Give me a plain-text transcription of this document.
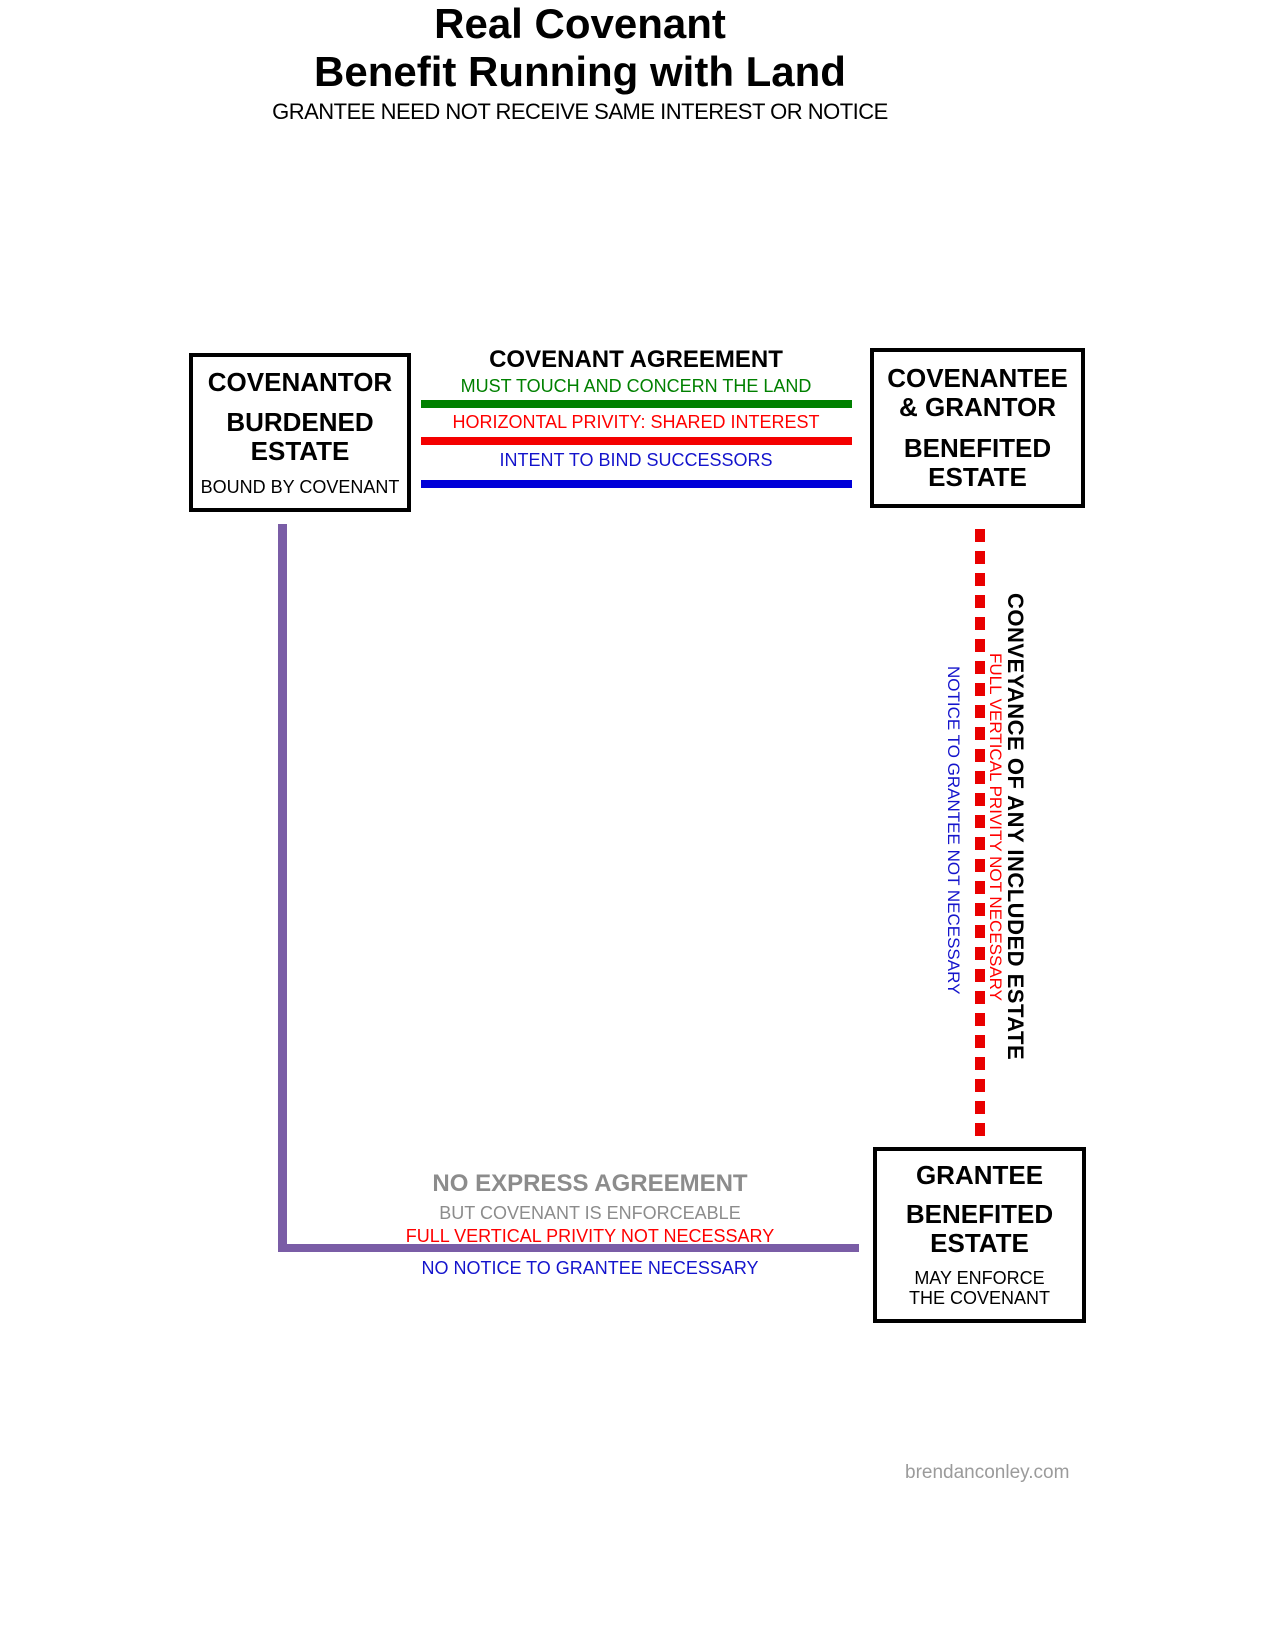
Real Covenant
Benefit Running with Land
GRANTEE NEED NOT RECEIVE SAME INTEREST OR NOTICE
COVENANTOR
BURDENED ESTATE
BOUND BY COVENANT
COVENANT AGREEMENT
MUST TOUCH AND CONCERN THE LAND
HORIZONTAL PRIVITY: SHARED INTEREST
INTENT TO BIND SUCCESSORS
COVENANTEE & GRANTOR
BENEFITED ESTATE
CONVEYANCE OF ANY INCLUDED ESTATE
FULL VERTICAL PRIVITY NOT NECESSARY
NOTICE TO GRANTEE NOT NECESSARY
NO EXPRESS AGREEMENT
BUT COVENANT IS ENFORCEABLE
FULL VERTICAL PRIVITY NOT NECESSARY
NO NOTICE TO GRANTEE NECESSARY
GRANTEE
BENEFITED ESTATE
MAY ENFORCE
THE COVENANT
brendanconley.com
